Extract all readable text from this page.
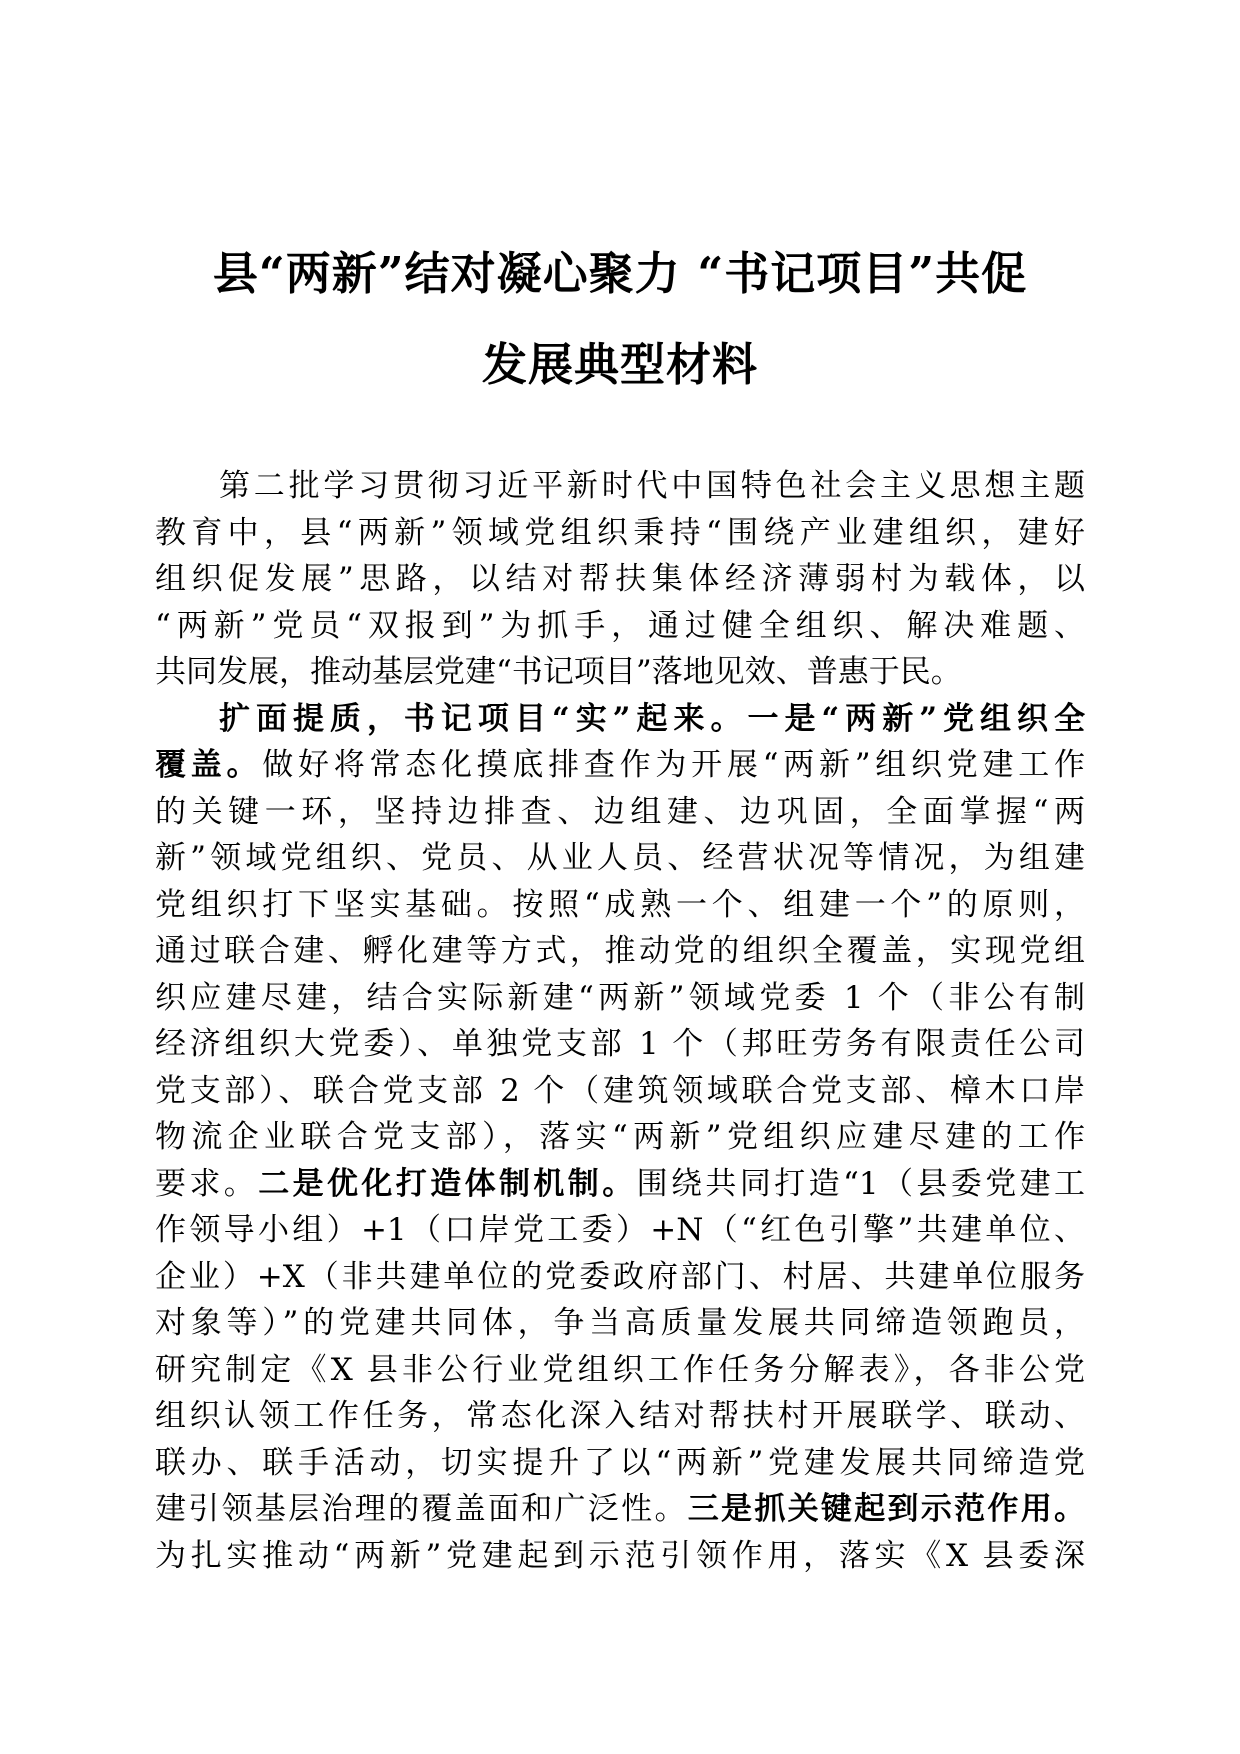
县“两新”结对凝心聚力 “书记项目”共促
发展典型材料
第二批学习贯彻习近平新时代中国特色社会主义思想主题
教育中，县“两新”领域党组织秉持“围绕产业建组织，建好
组织促发展”思路，以结对帮扶集体经济薄弱村为载体，以
“两新”党员“双报到”为抓手，通过健全组织、解决难题、
共同发展，推动基层党建“书记项目”落地见效、普惠于民。
扩面提质，书记项目“实”起来。一是“两新”党组织全
覆盖。做好将常态化摸底排查作为开展“两新”组织党建工作
的关键一环，坚持边排查、边组建、边巩固，全面掌握“两
新”领域党组织、党员、从业人员、经营状况等情况，为组建
党组织打下坚实基础。按照“成熟一个、组建一个”的原则，
通过联合建、孵化建等方式，推动党的组织全覆盖，实现党组
织应建尽建，结合实际新建“两新”领域党委 1 个（非公有制
经济组织大党委）、单独党支部 1 个（邦旺劳务有限责任公司
党支部）、联合党支部 2 个（建筑领域联合党支部、樟木口岸
物流企业联合党支部），落实“两新”党组织应建尽建的工作
要求。二是优化打造体制机制。围绕共同打造“1（县委党建工
作领导小组）+1（口岸党工委）+N（“红色引擎”共建单位、
企业）+X（非共建单位的党委政府部门、村居、共建单位服务
对象等）”的党建共同体，争当高质量发展共同缔造领跑员，
研究制定《X 县非公行业党组织工作任务分解表》，各非公党
组织认领工作任务，常态化深入结对帮扶村开展联学、联动、
联办、联手活动，切实提升了以“两新”党建发展共同缔造党
建引领基层治理的覆盖面和广泛性。三是抓关键起到示范作用。
为扎实推动“两新”党建起到示范引领作用，落实《X 县委深
